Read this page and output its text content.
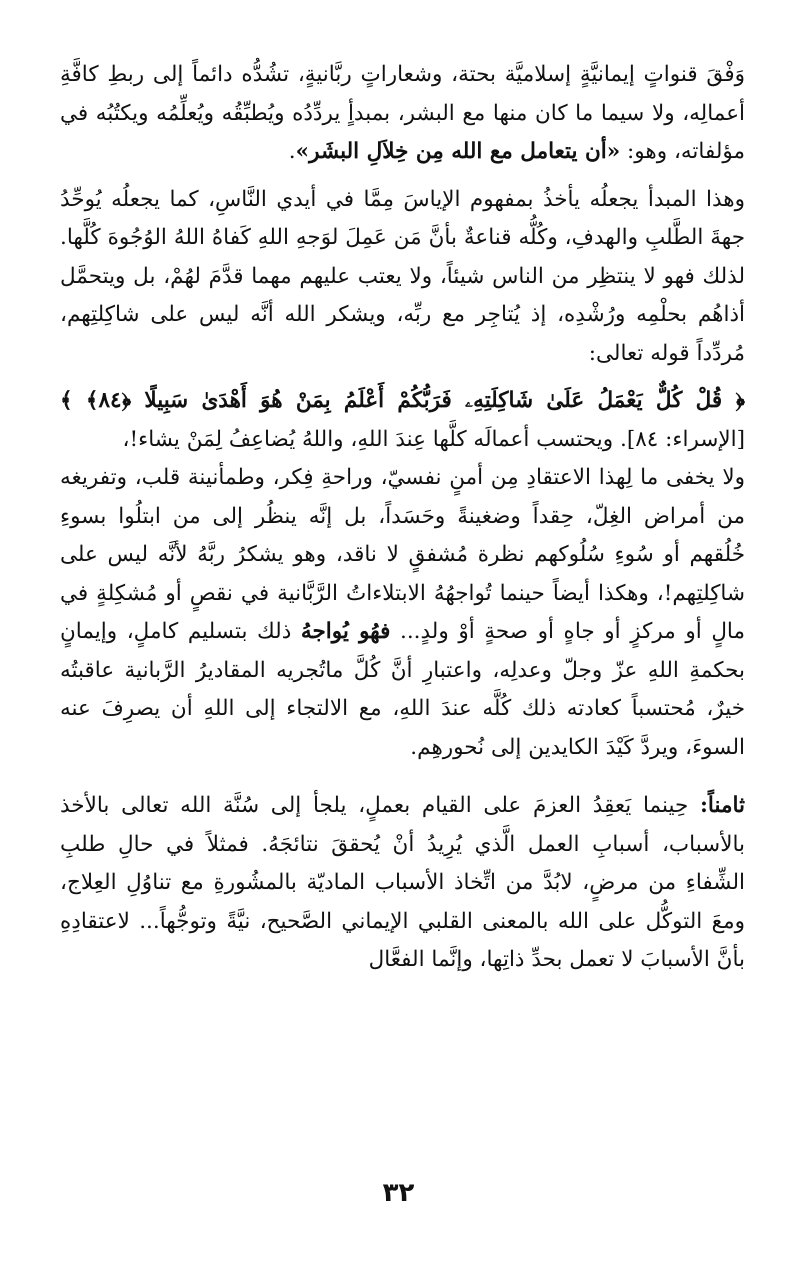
وَفْقَ قنواتٍ إيمانيَّةٍ إسلاميَّة بحتة، وشعاراتٍ ربَّانيةٍ، تشُدُّه دائماً إلى ربطِ كافَّةِ أعمالِه، ولا سيما ما كان منها مع البشر، بمبدأٍ يردِّدُه ويُطبِّقُه ويُعلِّمُه ويكتُبُه في مؤلفاته، وهو: «أن يتعامل مع الله مِن خِلاَلِ البشَر».

وهذا المبدأ يجعلُه يأخذُ بمفهوم الإياسَ مِمَّا في أيدي النَّاسِ، كما يجعلُه يُوحِّدُ جهةَ الطَّلبِ والهدفِ، وكُلُّه قناعةٌ بأنَّ مَن عَمِلَ لوَجهِ اللهِ كَفاهُ اللهُ الوُجُوهَ كُلَّها. لذلك فهو لا ينتظِر من الناس شيئاً، ولا يعتب عليهم مهما قدَّمَ لهُمْ، بل ويتحمَّل أذاهُم بحلْمِه ورُشْدِه، إذ يُتاجِر مع ربِّه، ويشكر الله أنَّه ليس على شاكِلتِهم، مُردِّداً قوله تعالى:

﴿ قُلْ كُلٌّ يَعْمَلُ عَلَىٰ شَاكِلَتِهِۦ فَرَبُّكُمْ أَعْلَمُ بِمَنْ هُوَ أَهْدَىٰ سَبِيلًا ﴿٨٤﴾ ﴾ [الإسراء: ٨٤]. ويحتسب أعمالَه كلَّها عِندَ اللهِ، واللهُ يُضاعِفُ لِمَنْ يشاء!،

ولا يخفى ما لِهذا الاعتقادِ مِن أمنٍ نفسيّ، وراحةِ فِكر، وطمأنينة قلب، وتفريغه من أمراض الغِلّ، حِقداً وضغينةً وحَسَداً، بل إنَّه ينظُر إلى من ابتلُوا بسوءِ خُلُقهم أو سُوءِ سُلُوكهم نظرة مُشفقٍ لا ناقد، وهو يشكرُ ربَّهُ لأنَّه ليس على شاكِلتِهم!، وهكذا أيضاً حينما تُواجهُهُ الابتلاءاتُ الرَّبَّانية في نقصٍ أو مُشكِلةٍ في مالٍ أو مركزٍ أو جاهٍ أو صحةٍ أوْ ولدٍ... فهُو يُواجهُ ذلك بتسليم كاملٍ، وإيمانٍ بحكمةِ اللهِ عزّ وجلّ وعدلِه، واعتبارِ أنَّ كُلَّ ماتُجريه المقاديرُ الرَّبانية عاقبتُه خيرٌ، مُحتسباً كعادته ذلك كُلَّه عندَ اللهِ، مع الالتجاء إلى اللهِ أن يصرِفَ عنه السوءَ، ويردَّ كَيْدَ الكايدين إلى نُحورهِم.

ثامناً: حِينما يَعقِدُ العزمَ على القيام بعملٍ، يلجأ إلى سُنَّة الله تعالى بالأخذ بالأسباب، أسبابِ العمل الَّذي يُرِيدُ أنْ يُحققَ نتائجَهُ. فمثلاً في حالِ طلبِ الشِّفاءِ من مرضٍ، لابُدَّ من اتِّخاذ الأسباب الماديّة بالمشُورةِ مع تناوُلِ العِلاج، ومعَ التوكُّل على الله بالمعنى القلبي الإيماني الصَّحيح، نيَّةً وتوجُّهاً... لاعتقادِهِ بأنَّ الأسبابَ لا تعمل بحدِّ ذاتِها، وإنَّما الفعَّال

٣٢
